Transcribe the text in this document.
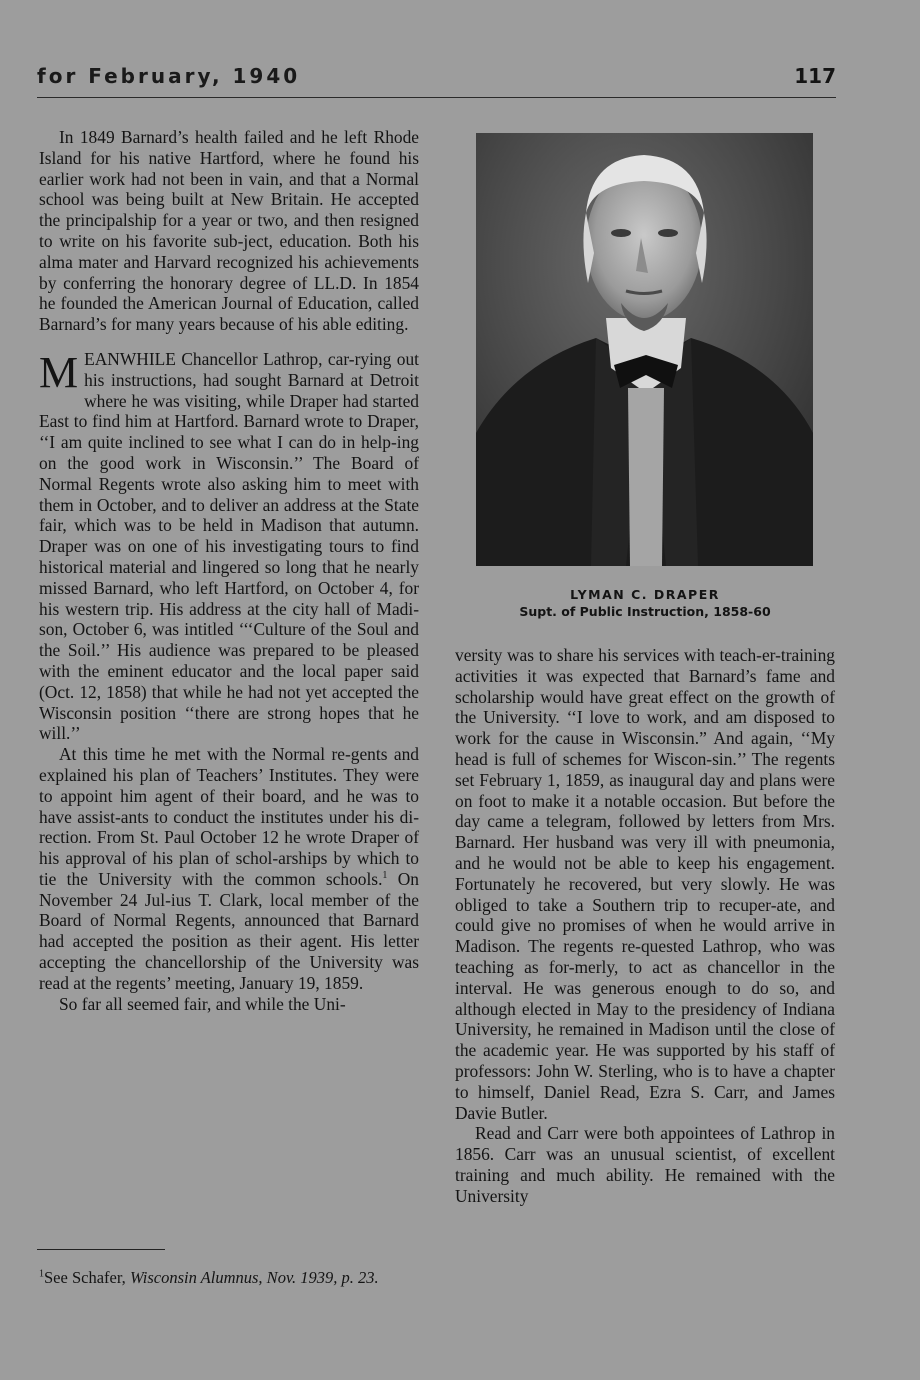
for February, 1940	117

In 1849 Barnard’s health failed and he left Rhode Island for his native Hartford, where he found his earlier work had not been in vain, and that a Normal school was being built at New Britain. He accepted the principalship for a year or two, and then resigned to write on his favorite sub-ject, education. Both his alma mater and Harvard recognized his achievements by conferring the honorary degree of LL.D. In 1854 he founded the American Journal of Education, called Barnard’s for many years because of his able editing.

MEANWHILE Chancellor Lathrop, car-rying out his instructions, had sought Barnard at Detroit where he was visiting, while Draper had started East to find him at Hartford. Barnard wrote to Draper, ‘‘I am quite inclined to see what I can do in help-ing on the good work in Wisconsin.’’ The Board of Normal Regents wrote also asking him to meet with them in October, and to deliver an address at the State fair, which was to be held in Madison that autumn. Draper was on one of his investigating tours to find historical material and lingered so long that he nearly missed Barnard, who left Hartford, on October 4, for his western trip. His address at the city hall of Madi-son, October 6, was intitled ‘‘‘Culture of the Soul and the Soil.’’ His audience was prepared to be pleased with the eminent educator and the local paper said (Oct. 12, 1858) that while he had not yet accepted the Wisconsin position ‘‘there are strong hopes that he will.’’

At this time he met with the Normal re-gents and explained his plan of Teachers’ Institutes. They were to appoint him agent of their board, and he was to have assist-ants to conduct the institutes under his di-rection. From St. Paul October 12 he wrote Draper of his approval of his plan of schol-arships by which to tie the University with the common schools.$^1$ On November 24 Jul-ius T. Clark, local member of the Board of Normal Regents, announced that Barnard had accepted the position as their agent. His letter accepting the chancellorship of the University was read at the regents’ meeting, January 19, 1859.

So far all seemed fair, and while the Uni-

LYMAN C. DRAPER
Supt. of Public Instruction, 1858-60

versity was to share his services with teach-er-training activities it was expected that Barnard’s fame and scholarship would have great effect on the growth of the University. ‘‘I love to work, and am disposed to work for the cause in Wisconsin.” And again, ‘‘My head is full of schemes for Wiscon-sin.’’ The regents set February 1, 1859, as inaugural day and plans were on foot to make it a notable occasion. But before the day came a telegram, followed by letters from Mrs. Barnard. Her husband was very ill with pneumonia, and he would not be able to keep his engagement. Fortunately he recovered, but very slowly. He was obliged to take a Southern trip to recuper-ate, and could give no promises of when he would arrive in Madison. The regents re-quested Lathrop, who was teaching as for-merly, to act as chancellor in the interval. He was generous enough to do so, and although elected in May to the presidency of Indiana University, he remained in Madison until the close of the academic year. He was supported by his staff of professors: John W. Sterling, who is to have a chapter to himself, Daniel Read, Ezra S. Carr, and James Davie Butler.

Read and Carr were both appointees of Lathrop in 1856. Carr was an unusual scientist, of excellent training and much ability. He remained with the University

$^1$See Schafer, Wisconsin Alumnus, Nov. 1939, p. 23.
